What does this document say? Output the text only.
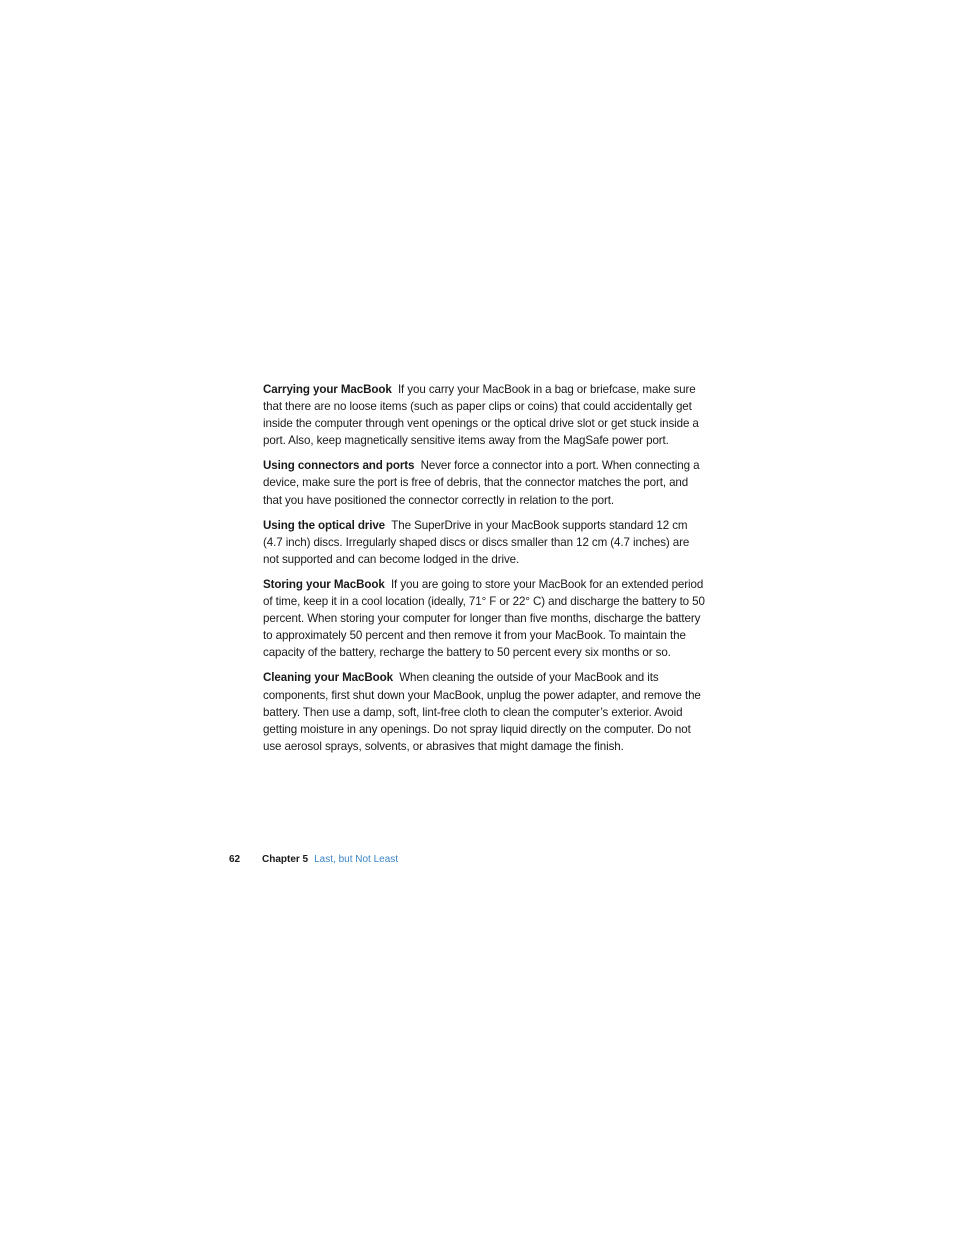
Carrying your MacBook If you carry your MacBook in a bag or briefcase, make sure that there are no loose items (such as paper clips or coins) that could accidentally get inside the computer through vent openings or the optical drive slot or get stuck inside a port. Also, keep magnetically sensitive items away from the MagSafe power port.

Using connectors and ports Never force a connector into a port. When connecting a device, make sure the port is free of debris, that the connector matches the port, and that you have positioned the connector correctly in relation to the port.

Using the optical drive The SuperDrive in your MacBook supports standard 12 cm (4.7 inch) discs. Irregularly shaped discs or discs smaller than 12 cm (4.7 inches) are not supported and can become lodged in the drive.

Storing your MacBook If you are going to store your MacBook for an extended period of time, keep it in a cool location (ideally, 71° F or 22° C) and discharge the battery to 50 percent. When storing your computer for longer than five months, discharge the battery to approximately 50 percent and then remove it from your MacBook. To maintain the capacity of the battery, recharge the battery to 50 percent every six months or so.

Cleaning your MacBook When cleaning the outside of your MacBook and its components, first shut down your MacBook, unplug the power adapter, and remove the battery. Then use a damp, soft, lint-free cloth to clean the computer’s exterior. Avoid getting moisture in any openings. Do not spray liquid directly on the computer. Do not use aerosol sprays, solvents, or abrasives that might damage the finish.

62 Chapter 5 Last, but Not Least
